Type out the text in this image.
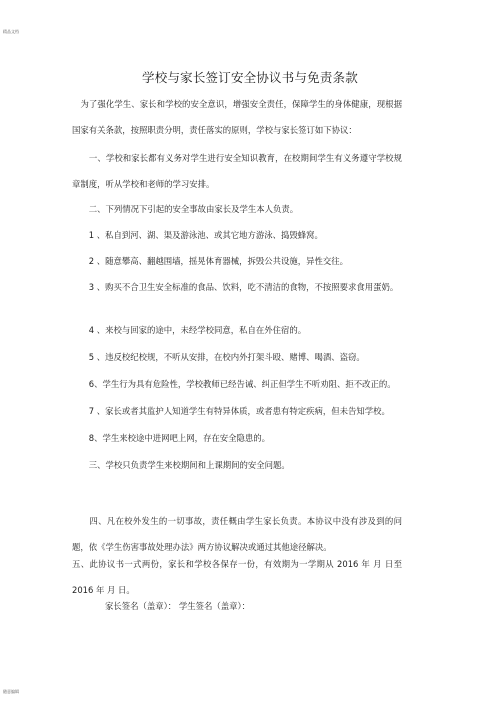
精品文档
学校与家长签订安全协议书与免责条款
　为了强化学生、家长和学校的安全意识，增强安全责任，保障学生的身体健康，现根据国家有关条款，按照职责分明，责任落实的原则，学校与家长签订如下协议：
　　一、学校和家长都有义务对学生进行安全知识教育，在校期间学生有义务遵守学校规章制度，听从学校和老师的学习安排。
　　二、下列情况下引起的安全事故由家长及学生本人负责。
　　1 、私自到河、湖、渠及游泳池、或其它地方游泳、捣毁蜂窝。
　　2 、随意攀高、翻越围墙，摇晃体育器械，拆毁公共设施，异性交往。
　　3 、购买不合卫生安全标准的食品、饮料，吃不清洁的食物，不按照要求食用蛋奶。
　　4 、来校与回家的途中，未经学校同意，私自在外住宿的。
　　5 、违反校纪校规，不听从安排，在校内外打架斗殴、赌博、喝酒、盗窃。
　　6、学生行为具有危险性，学校教师已经告诫、纠正但学生不听劝阻、拒不改正的。
　　7 、家长或者其监护人知道学生有特异体质，或者患有特定疾病，但未告知学校。
　　8、学生来校途中进网吧上网，存在安全隐患的。
　　三、学校只负责学生来校期间和上课期间的安全问题。
　　四、凡在校外发生的一切事故，责任概由学生家长负责。本协议中没有涉及到的问题，依《学生伤害事故处理办法》两方协议解决或通过其他途径解决。
五、此协议书一式两份，家长和学校各保存一份，有效期为一学期从 2016 年 月 日至 2016 年 月 日。
家长签名（盖章）： 学生签名（盖章）：
随意编辑
